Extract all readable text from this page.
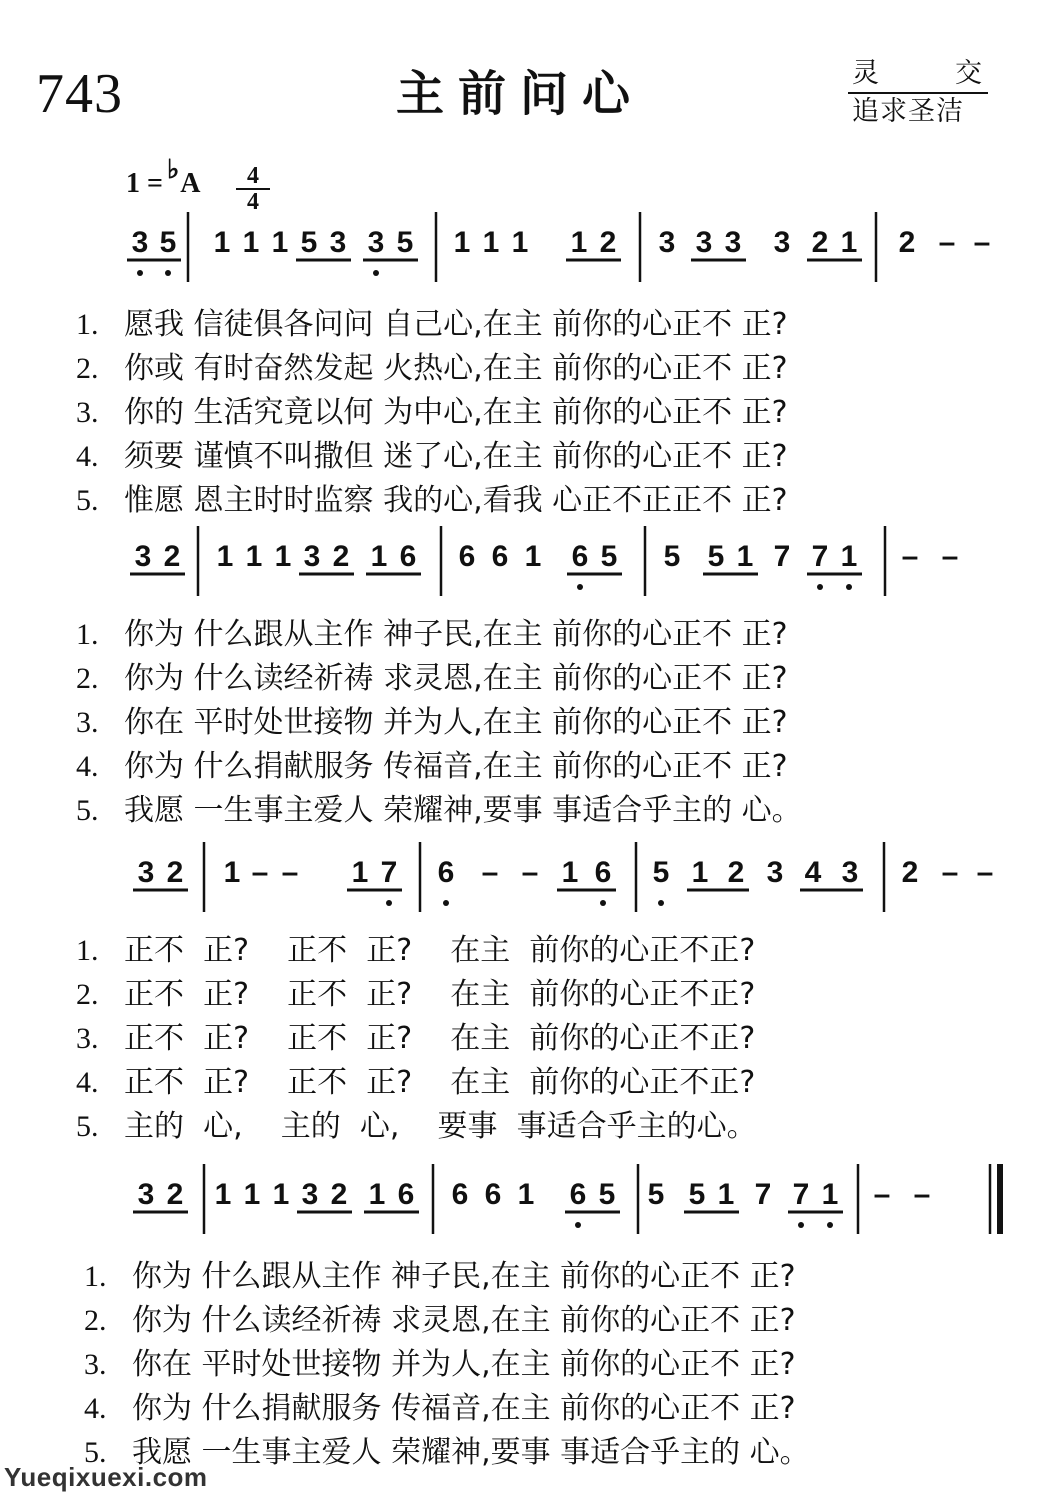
743	主前问心	灵	交
追求圣洁
1 = ♭A $\frac{4}{4}$
3 5 1 1 1 5 3 3 5 1 1 1 1 2 3 3 3 3 2 1 2 – –
1. 愿我 信徒俱各问问 自己心,在主 前你的心正不 正?
2. 你或 有时奋然发起 火热心,在主 前你的心正不 正?
3. 你的 生活究竟以何 为中心,在主 前你的心正不 正?
4. 须要 谨慎不叫撒但 迷了心,在主 前你的心正不 正?
5. 惟愿 恩主时时监察 我的心,看我 心正不正正不 正?
3 2 1 1 1 3 2 1 6 6 6 1 6 5 5 5 1 7 7 1 – –
1. 你为 什么跟从主作 神子民,在主 前你的心正不 正?
2. 你为 什么读经祈祷 求灵恩,在主 前你的心正不 正?
3. 你在 平时处世接物 并为人,在主 前你的心正不 正?
4. 你为 什么捐献服务 传福音,在主 前你的心正不 正?
5. 我愿 一生事主爱人 荣耀神,要事 事适合乎主的 心。
3 2 1 – – 1 7 6 – – 1 6 5 1 2 3 4 3 2 – –
1. 正不  正?    正不  正?    在主  前你的心正不正?
2. 正不  正?    正不  正?    在主  前你的心正不正?
3. 正不  正?    正不  正?    在主  前你的心正不正?
4. 正不  正?    正不  正?    在主  前你的心正不正?
5. 主的  心,    主的  心,    要事  事适合乎主的心。
3 2 1 1 1 3 2 1 6 6 6 1 6 5 5 5 1 7 7 1 – –
1. 你为 什么跟从主作 神子民,在主 前你的心正不 正?
2. 你为 什么读经祈祷 求灵恩,在主 前你的心正不 正?
3. 你在 平时处世接物 并为人,在主 前你的心正不 正?
4. 你为 什么捐献服务 传福音,在主 前你的心正不 正?
5. 我愿 一生事主爱人 荣耀神,要事 事适合乎主的 心。
Yueqixuexi.com
